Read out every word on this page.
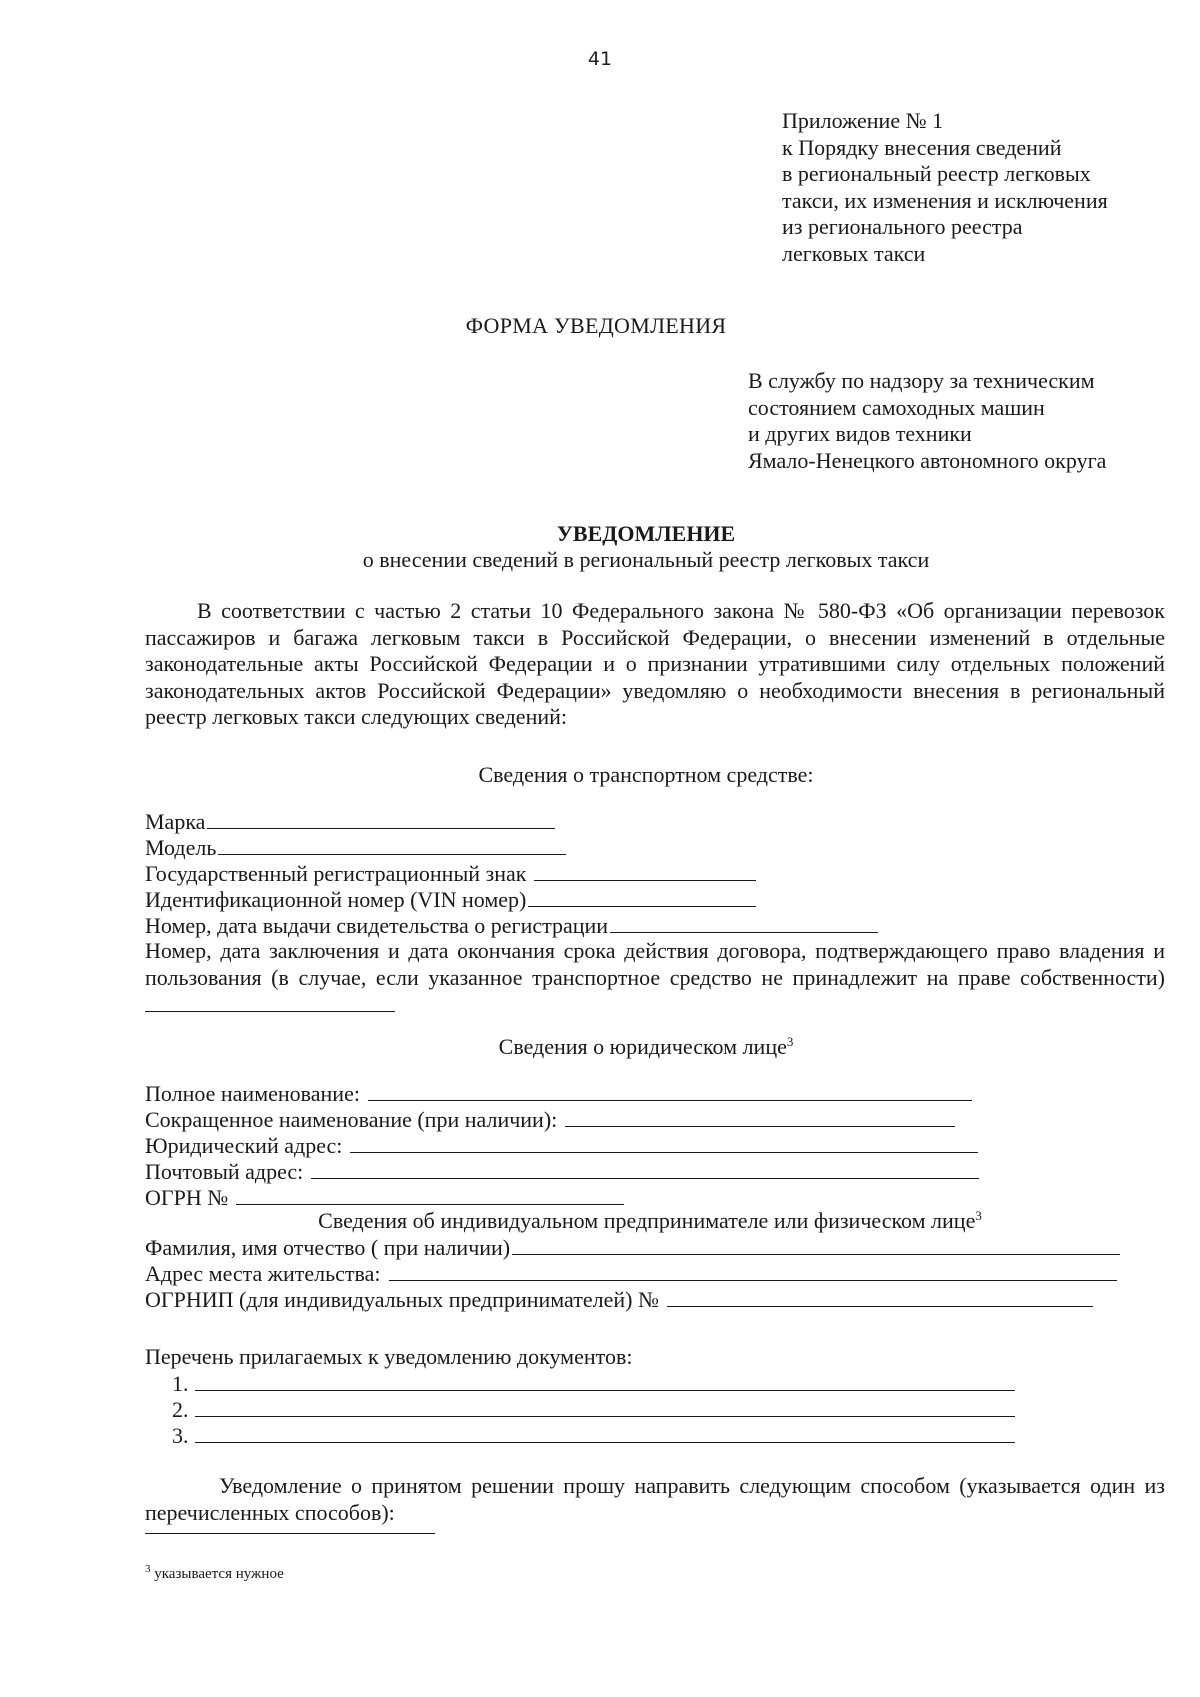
41
Приложение № 1
к Порядку внесения сведений
в региональный реестр легковых
такси, их изменения и исключения
из регионального реестра
легковых такси
ФОРМА УВЕДОМЛЕНИЯ
В службу по надзору за техническим
состоянием самоходных машин
и других видов техники
Ямало-Ненецкого автономного округа
УВЕДОМЛЕНИЕ
о внесении сведений в региональный реестр легковых такси
В соответствии с частью 2 статьи 10 Федерального закона № 580-ФЗ «Об организации перевозок пассажиров и багажа легковым такси в Российской Федерации, о внесении изменений в отдельные законодательные акты Российской Федерации и о признании утратившими силу отдельных положений законодательных актов Российской Федерации» уведомляю о необходимости внесения в региональный реестр легковых такси следующих сведений:
Сведения о транспортном средстве:
Марка
Модель
Государственный регистрационный знак
Идентификационной номер (VIN номер)
Номер, дата выдачи свидетельства о регистрации
Номер, дата заключения и дата окончания срока действия договора, подтверждающего право владения и пользования (в случае, если указанное транспортное средство не принадлежит на праве собственности)
Сведения о юридическом лице$^3$
Полное наименование:
Сокращенное наименование (при наличии):
Юридический адрес:
Почтовый адрес:
ОГРН №
Сведения об индивидуальном предпринимателе или физическом лице$^3$
Фамилия, имя отчество ( при наличии)
Адрес места жительства:
ОГРНИП (для индивидуальных предпринимателей) №
Перечень прилагаемых к уведомлению документов:
1.
2.
3.
Уведомление о принятом решении прошу направить следующим способом (указывается один из перечисленных способов):
$^3$ указывается нужное
